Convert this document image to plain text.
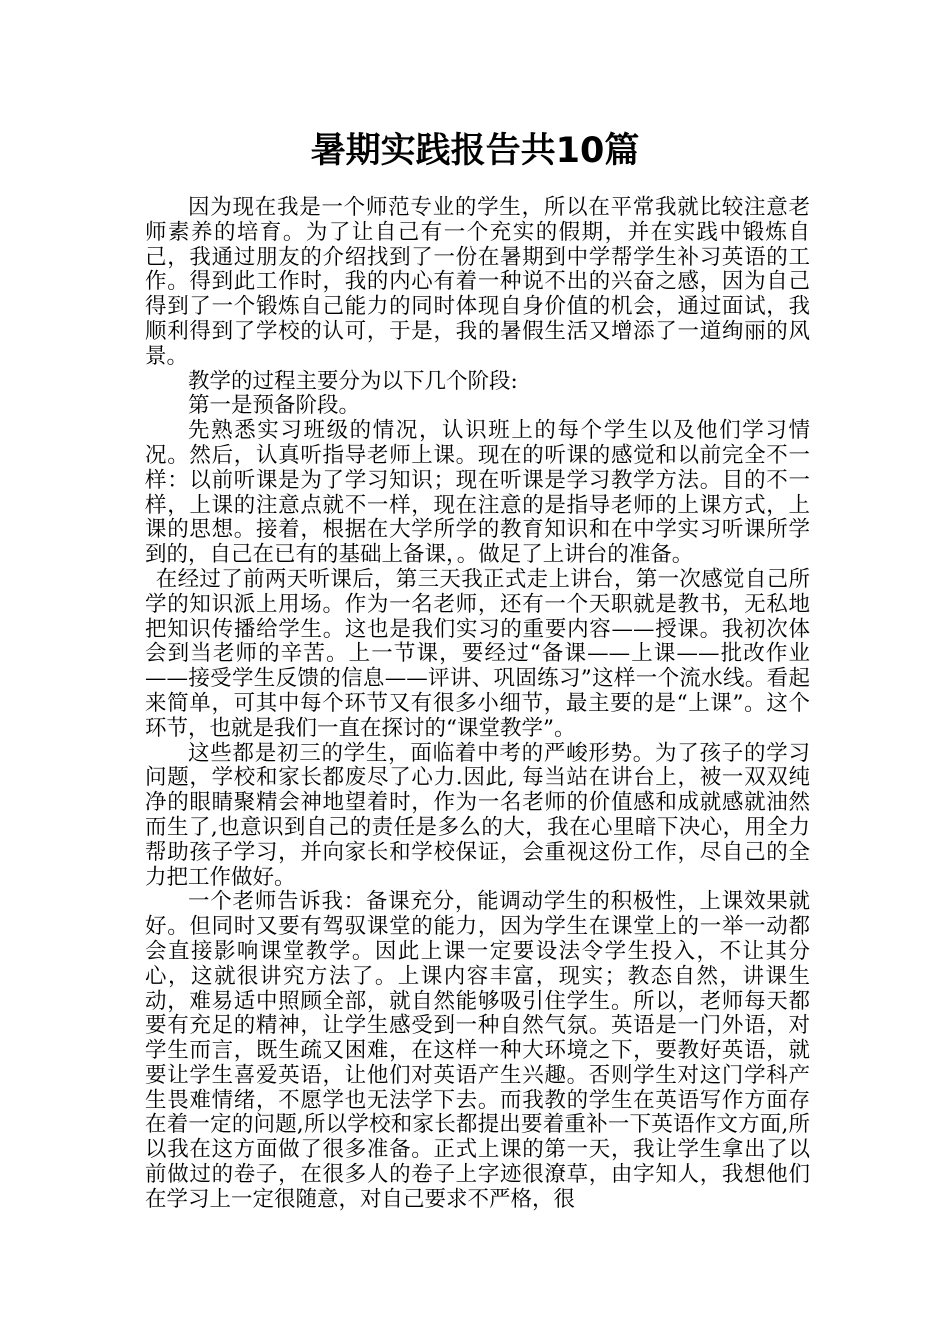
暑期实践报告共10篇

因为现在我是一个师范专业的学生，所以在平常我就比较注意老师素养的培育。为了让自己有一个充实的假期，并在实践中锻炼自己，我通过朋友的介绍找到了一份在暑期到中学帮学生补习英语的工作。得到此工作时，我的内心有着一种说不出的兴奋之感，因为自己得到了一个锻炼自己能力的同时体现自身价值的机会，通过面试，我顺利得到了学校的认可，于是，我的暑假生活又增添了一道绚丽的风景。

教学的过程主要分为以下几个阶段:

第一是预备阶段。

先熟悉实习班级的情况，认识班上的每个学生以及他们学习情况。然后，认真听指导老师上课。现在的听课的感觉和以前完全不一样：以前听课是为了学习知识；现在听课是学习教学方法。目的不一样，上课的注意点就不一样，现在注意的是指导老师的上课方式，上课的思想。接着，根据在大学所学的教育知识和在中学实习听课所学到的，自己在已有的基础上备课，。做足了上讲台的准备。

在经过了前两天听课后，第三天我正式走上讲台，第一次感觉自己所学的知识派上用场。作为一名老师，还有一个天职就是教书，无私地把知识传播给学生。这也是我们实习的重要内容——授课。我初次体会到当老师的辛苦。上一节课，要经过“备课——上课——批改作业——接受学生反馈的信息——评讲、巩固练习”这样一个流水线。看起来简单，可其中每个环节又有很多小细节，最主要的是“上课”。这个环节，也就是我们一直在探讨的“课堂教学”。

这些都是初三的学生，面临着中考的严峻形势。为了孩子的学习问题，学校和家长都废尽了心力.因此, 每当站在讲台上，被一双双纯净的眼睛聚精会神地望着时，作为一名老师的价值感和成就感就油然而生了,也意识到自己的责任是多么的大，我在心里暗下决心，用全力帮助孩子学习，并向家长和学校保证，会重视这份工作，尽自己的全力把工作做好。

一个老师告诉我：备课充分，能调动学生的积极性，上课效果就好。但同时又要有驾驭课堂的能力，因为学生在课堂上的一举一动都会直接影响课堂教学。因此上课一定要设法令学生投入，不让其分心，这就很讲究方法了。上课内容丰富，现实；教态自然，讲课生动，难易适中照顾全部，就自然能够吸引住学生。所以，老师每天都要有充足的精神，让学生感受到一种自然气氛。英语是一门外语，对学生而言，既生疏又困难，在这样一种大环境之下，要教好英语，就要让学生喜爱英语，让他们对英语产生兴趣。否则学生对这门学科产生畏难情绪，不愿学也无法学下去。而我教的学生在英语写作方面存在着一定的问题,所以学校和家长都提出要着重补一下英语作文方面,所以我在这方面做了很多准备。正式上课的第一天，我让学生拿出了以前做过的卷子，在很多人的卷子上字迹很潦草，由字知人，我想他们在学习上一定很随意，对自己要求不严格，很
